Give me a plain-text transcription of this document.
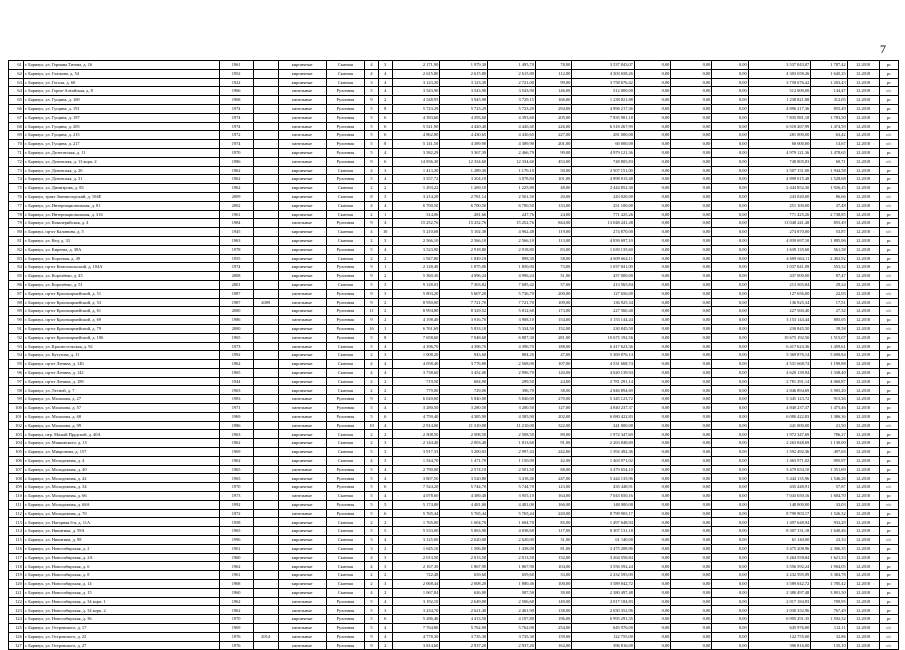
7
61	г. Барнаул, ул. Германа Титова, д. 16	1961		кирпичные	Скатная	4	3	2 171,90	1 979,30	1 495,70	78,00	3 537 843,07	0,00	0,00	0,00	3 537 843,07	1 787,42	12.2018	рс
62	г. Барнаул, ул. Глазкова, д. 54	1952		кирпичные	Скатная	4	4	2 615,80	2 615,80	2 615,80	112,00	4 303 658,26	0,00	0,00	0,00	4 303 658,26	1 645,25	12.2018	рс
63	г. Барнаул, ул. Гоголя, д. 60	1922		кирпичные	Скатная	3	4	3 123,30	3 123,30	2 721,00	99,00	3 758 676,42	0,00	0,00	0,00	3 758 676,42	1 203,43	12.2018	рс
64	г. Барнаул, ул. Горно-Алтайская, д. 8	1966		панельные	Рулонная	5	4	3 543,90	3 543,90	3 543,90	146,00	512 000,00	0,00	0,00	0,00	512 000,00	144,47	12.2018	с/с
65	г. Барнаул, ул. Гущина, д. 169	1968		панельные	Рулонная	9	2	4 548,95	3 945,98	3 729,15	166,00	1 238 821,88	0,00	0,00	0,00	1 238 821,88	312,05	12.2018	рс
66	г. Барнаул, ул. Гущина, д. 191	1974		панельные	Рулонная	5	8	5 723,29	5 723,29	5 723,29	294,00	4 896 217,36	0,00	0,00	0,00	4 896 217,36	855,49	12.2018	рс
67	г. Барнаул, ул. Гущина, д. 197	1974		панельные	Рулонная	5	6	4 393,60	4 393,60	4 393,60	205,00	7 835 981,18	0,00	0,00	0,00	7 835 981,18	1 783,50	12.2018	рс
68	г. Барнаул, ул. Гущина, д. 205	1974		панельные	Рулонная	5	6	5 521,90	4 420,40	4 420,40	226,00	6 518 267,99	0,00	0,00	0,00	6 518 267,99	1 474,59	12.2018	рс
69	г. Барнаул, ул. Гущина, д. 215	1972		панельные	Рулонная	5	6	4 862,80	4 430,65	4 430,65	227,00	281 000,00	0,00	0,00	0,00	281 000,00	63,42	12.2018	с/с
70	г. Барнаул, ул. Гущина, д. 217	1974		панельные	Рулонная	5	8	5 141,50	4 389,90	4 389,90	201,00	60 000,00	0,00	0,00	0,00	60 000,00	13,67	12.2018	с/с
71	г. Барнаул, ул. Делегатская, д. 11	1970		кирпичные	Рулонная	5	4	3 582,29	3 367,39	2 466,79	99,00	4 979 121,36	0,00	0,00	0,00	4 979 121,36	1 478,65	12.2018	рс
72	г. Барнаул, ул. Деповская, д. 13 корп. 2	1986		панельные	Рулонная	9	6	14 836,30	12 334,60	12 334,60	453,00	748 805,83	0,00	0,00	0,00	748 805,83	60,71	12.2018	с/с
73	г. Барнаул, ул. Деповская, д. 26	1962		кирпичные	Скатная	4	3	1 413,30	1 289,30	1 170,10	50,00	2 507 151,00	0,00	0,00	0,00	2 507 151,00	1 944,58	12.2018	рс
74	г. Барнаул, ул. Деповская, д. 31	1962		кирпичные	Рулонная	5	4	3 357,72	3 204,10	3 078,84	101,00	4 898 015,48	0,00	0,00	0,00	4 898 015,48	1 528,68	12.2018	рс
75	г. Барнаул, ул. Димитрова, д. 83	1962		кирпичные	Скатная	2	2	1 293,22	1 269,10	1 225,80	48,00	2 444 852,30	0,00	0,00	0,00	2 444 852,30	1 926,45	12.2018	рс
76	г. Барнаул, тракт Змеиногорский, д. 104Е	2009		кирпичные	Скатная	8	3	3 214,20	2 781,14	2 561,50	20,00	243 020,00	0,00	0,00	0,00	243 020,00	86,66	12.2018	с/с
77	г. Барнаул, ул. Интернациональная, д. 81	2002		кирпичные	Скатная	4	4	6 700,50	6 700,50	6 700,50	133,00	251 100,00	0,00	0,00	0,00	251 100,00	37,48	12.2018	с/с
78	г. Барнаул, ул. Интернациональная, д. 316	1961		кирпичные	Скатная	2	1	314,06	281,66	247,76	24,00	771 425,26	0,00	0,00	0,00	771 425,26	2 738,85	12.2018	рс
79	г. Барнаул, ул. Кавалерийская, д. 4	1984		панельные	Рулонная	9	4	15 252,76	15 252,76	15 252,76	844,00	13 048 241,48	0,00	0,00	0,00	13 048 241,48	855,49	12.2018	рс
80	г. Барнаул, пр-кт Калинина, д. 5	1945		кирпичные	Скатная	4	10	5 210,68	5 102,38	4 962,48	119,00	274 870,00	0,00	0,00	0,00	274 870,00	53,87	12.2018	с/с
81	г. Барнаул, ул. Кец, д. 33	1963		кирпичные	Скатная	2	3	2 566,10	2 566,10	2 566,10	113,00	4 839 697,10	0,00	0,00	0,00	4 839 697,10	1 885,96	12.2018	рс
82	г. Барнаул, ул. Киреева, д. 38А	1978		кирпичные	Рулонная	5	4	3 523,90	2 918,80	2 918,80	83,00	1 639 135,60	0,00	0,00	0,00	1 639 135,60	561,58	12.2018	рс
83	г. Барнаул, ул. Короткая, д. 49	1955		кирпичные	Скатная	2	2	1 947,80	1 849,10	898,30	58,00	4 609 664,11	0,00	0,00	0,00	4 609 664,11	2 492,92	12.2018	рс
84	г. Барнаул, пр-кт Комсомольский, д. 104А	1974		кирпичные	Рулонная	9	1	2 128,40	1 875,00	1 850,00	73,00	1 037 841,09	0,00	0,00	0,00	1 037 841,09	553,52	12.2018	рс
85	г. Барнаул, ул. Королёнко, д. 45	2008		кирпичные	Рулонная	9	2	5 360,30	4 996,24	4 996,24	51,00	437 000,00	0,00	0,00	0,00	437 000,00	87,47	12.2018	с/с
86	г. Барнаул, ул. Королёнко, д. 51	2001		кирпичные	Скатная	5	3	9 128,03	7 303,82	7 685,42	57,00	213 565,84	0,00	0,00	0,00	213 565,84	29,24	12.2018	с/с
87	г. Барнаул, пр-кт Красноармейский, д. 51	1987		панельные	Рулонная	9	3	5 803,20	5 607,20	5 736,70	200,00	127 656,00	0,00	0,00	0,00	127 656,00	22,05	12.2018	с/с
88	г. Барнаул, пр-кт Красноармейский, д. 53	1987	2009	панельные	Рулонная	9	2	8 950,00	7 721,70	7 721,70	109,00	136 925,34	0,00	0,00	0,00	136 925,34	17,51	12.2018	с/с
89	г. Барнаул, пр-кт Красноармейский, д. 61	2000		кирпичные	Рулонная	11	2	8 994,80	8 329,52	5 812,60	173,00	227 560,40	0,00	0,00	0,00	227 560,40	27,32	12.2018	с/с
90	г. Барнаул, пр-кт Красноармейский, д. 69	1986		панельные	Рулонная	9	2	4 198,40	3 916,70	3 908,10	154,00	3 153 144,44	0,00	0,00	0,00	3 153 144,44	805,05	12.2018	рс
91	г. Барнаул, пр-кт Красноармейский, д. 79	2000		кирпичные	Рулонная	16	1	6 761,69	5 833,10	5 334,50	152,00	230 845,50	0,00	0,00	0,00	230 845,50	39,58	12.2018	с/с
92	г. Барнаул, пр-кт Красноармейский, д. 106	1965		панельные	Рулонная	5	8	7 658,60	7 048,60	6 887,30	281,00	10 675 192,56	0,00	0,00	0,00	10 675 192,56	1 515,07	12.2018	рс
93	г. Барнаул, ул. Красносельская, д. 92	1973		панельные	Скатная	5	4	4 396,70	4 396,70	4 396,70	188,00	6 417 623,36	0,00	0,00	0,00	6 417 623,36	1 459,61	12.2018	рс
94	г. Барнаул, ул. Кутузова, д. 11	1992		кирпичные	Скатная	2	3	1 008,20	943,60	884,20	47,00	5 369 876,14	0,00	0,00	0,00	5 369 876,14	5 690,84	12.2018	рс
95	г. Барнаул, пр-кт Ленина, д. 140	1962		кирпичные	Скатная	4	4	4 058,40	3 776,80	2 568,00	107,00	4 531 668,74	0,00	0,00	0,00	4 531 668,74	1 199,88	12.2018	рс
96	г. Барнаул, пр-кт Ленина, д. 142	1965		кирпичные	Скатная	4	4	3 738,60	3 452,00	2 996,70	120,00	4 620 139,94	0,00	0,00	0,00	4 620 139,94	1 338,40	12.2018	рс
97	г. Барнаул, пр-кт Ленина, д. 189	1944		кирпичные	Скатная	2	2	719,50	684,90	299,50	24,00	2 781 291,14	0,00	0,00	0,00	2 781 291,14	4 060,87	12.2018	рс
98	г. Барнаул, ул. Лесной, д. 7	1963		кирпичные	Скатная	2	2	779,00	729,00	396,70	38,00	2 846 894,69	0,00	0,00	0,00	2 846 894,69	3 905,20	12.2018	рс
99	г. Барнаул, ул. Малахова, д. 27	1983		панельные	Рулонная	9	2	6 020,00	5 840,00	5 840,00	270,00	5 345 123,72	0,00	0,00	0,00	5 345 123,72	915,26	12.2018	рс
100	г. Барнаул, ул. Малахова, д. 57	1971		панельные	Рулонная	5	4	3 280,50	3 280,50	3 280,50	127,00	4 840 237,37	0,00	0,00	0,00	4 840 237,37	1 475,46	12.2018	рс
101	г. Барнаул, ул. Малахова, д. 68	1969		панельные	Рулонная	5	6	4 759,40	4 385,90	4 385,90	202,00	6 080 422,83	0,00	0,00	0,00	6 080 422,83	1 386,36	12.2018	рс
102	г. Барнаул, ул. Малахова, д. 99	1986		панельные	Рулонная	10	4	2 914,00	11 310,00	11 210,00	322,00	241 000,00	0,00	0,00	0,00	241 000,00	21,50	12.2018	с/с
103	г. Барнаул, пер. Малый Прудской, д. 40А	1963		кирпичные	Скатная	2	2	2 508,50	2 508,50	2 508,50	89,00	1 972 347,69	0,00	0,00	0,00	1 972 347,69	786,27	12.2018	рс
104	г. Барнаул, ул. Маяковского, д. 15	1962		кирпичные	Скатная	2	3	2 144,40	2 003,40	1 813,60	91,00	2 263 848,69	0,00	0,00	0,00	2 263 848,69	1 130,00	12.2018	рс
105	г. Барнаул, ул. Микронова, д. 157	1969		кирпичные	Скатная	5	3	3 917,33	3 200,03	2 997,43	242,00	1 592 492,36	0,00	0,00	0,00	1 592 492,36	497,65	12.2018	рс
106	г. Барнаул, ул. Молодежная, д. 4	1962		кирпичные	Скатная	4	3	1 544,70	1 471,70	1 150,00	42,00	1 463 971,02	0,00	0,00	0,00	1 463 971,02	995,97	12.2018	рс
107	г. Барнаул, ул. Молодежная, д. 40	1965		панельные	Рулонная	5	4	2 790,00	2 574,10	2 501,50	88,00	3 479 654,10	0,00	0,00	0,00	3 479 654,10	1 351,69	12.2018	рс
108	г. Барнаул, ул. Молодежная, д. 42	1965		кирпичные	Рулонная	5	4	3 807,50	3 520,80	3 418,40	247,00	5 444 135,96	0,00	0,00	0,00	5 444 135,96	1 546,26	12.2018	рс
109	г. Барнаул, ул. Молодежная, д. 34	1970		кирпичные	Рулонная	5	6	7 524,20	5 744,70	5 744,70	123,00	435 448,91	0,00	0,00	0,00	435 448,91	57,87	12.2018	с/с
110	г. Барнаул, ул. Молодежная, д. 66	1973		панельные	Скатная	5	4	4 078,60	4 389,40	3 955,10	164,00	7 043 650,16	0,00	0,00	0,00	7 043 650,16	1 604,70	12.2018	рс
111	г. Барнаул, ул. Молодежная, д. 68А	1992		кирпичные	Рулонная	5	5	5 174,80	4 481,00	4 481,00	166,00	148 000,00	0,00	0,00	0,00	148 000,00	33,03	12.2018	с/с
112	г. Барнаул, ул. Молодежная, д. 70	1972		панельные	Рулонная	5	6	5 765,44	5 765,44	5 765,44	220,00	8 799 903,17	0,00	0,00	0,00	8 799 903,17	1 526,32	12.2018	рс
113	г. Барнаул, ул. Нагорная 6-я, д. 11А	1958		кирпичные	Скатная	2	2	1 765,00	1 604,70	1 604,70	85,00	1 497 648,94	0,00	0,00	0,00	1 497 648,94	933,29	12.2018	рс
114	г. Барнаул, ул. Никитина, д. 59А	1965		кирпичные	Скатная	5	5	5 533,00	5 063,90	4 038,60	117,00	8 307 131,18	0,00	0,00	0,00	8 307 131,18	1 640,46	12.2018	рс
115	г. Барнаул, ул. Никитина, д. 98	1996		кирпичные	Скатная	3	4	3 125,00	2 620,00	2 620,00	31,00	61 140,00	0,00	0,00	0,00	61 140,00	23,33	12.2018	с/с
116	г. Барнаул, ул. Новосибирская, д. 2	1961		кирпичные	Скатная	3	2	1 645,10	1 506,80	1 438,00	81,00	3 475 208,96	0,00	0,00	0,00	3 475 208,96	2 306,35	12.2018	рс
117	г. Барнаул, ул. Новосибирская, д. 2А	1960		кирпичные	Скатная	4	3	2 013,50	2 013,50	2 013,50	152,00	3 264 558,84	0,00	0,00	0,00	3 264 558,84	1 621,33	12.2018	рс
118	г. Барнаул, ул. Новосибирская, д. 6	1962		кирпичные	Скатная	4	3	2 167,30	1 867,90	1 867,90	104,00	3 556 592,24	0,00	0,00	0,00	3 556 592,24	1 904,05	12.2018	рс
119	г. Барнаул, ул. Новосибирская, д. 8	1961		кирпичные	Скатная	2	2	722,48	659,60	659,60	33,00	2 232 595,09	0,00	0,00	0,00	2 232 595,09	3 384,78	12.2018	рс
120	г. Барнаул, ул. Новосибирская, д. 14	1968		кирпичные	Скатная	2	3	2 068,44	2 008,20	1 880,46	100,00	3 589 042,72	0,00	0,00	0,00	3 589 042,72	1 785,42	12.2018	рс
121	г. Барнаул, ул. Новосибирская, д. 15	1960		кирпичные	Скатная	4	2	1 067,84	626,80	587,50	39,00	2 380 497,48	0,00	0,00	0,00	2 380 497,48	3 801,50	12.2018	рс
122	г. Барнаул, ул. Новосибирская, д. 34 корп. 1	1962		панельные	Рулонная	5	4	3 192,10	2 649,00	2 506,60	149,00	2 017 184,83	0,00	0,00	0,00	2 017 184,83	709,95	12.2018	рс
123	г. Барнаул, ул. Новосибирская, д. 34 корп. 2	1962		панельные	Рулонная	5	3	3 234,70	2 621,40	2 461,90	138,00	2 030 352,96	0,00	0,00	0,00	2 030 352,96	767,49	12.2018	рс
124	г. Барнаул, ул. Новосибирская, д. 36	1970		кирпичные	Рулонная	5	6	5 286,46	4 413,50	4 107,80	196,00	6 995 291,35	0,00	0,00	0,00	6 995 291,35	1 592,32	12.2018	рс
125	г. Барнаул, ул. Островского, д. 17	1969		панельные	Рулонная	5	4	7 764,80	5 762,00	5 762,00	254,00	645 976,00	0,00	0,00	0,00	645 976,00	112,11	12.2018	с/с
126	г. Барнаул, ул. Островского, д. 25	1976	2014	панельные	Рулонная	9	4	4 778,30	3 735,30	3 735,30	159,00	122 755,00	0,00	0,00	0,00	122 755,00	32,86	12.2018	с/с
127	г. Барнаул, ул. Островского, д. 27	1976		панельные	Рулонная	9	2	3 814,60	2 937,20	2 937,20	162,00	396 816,00	0,00	0,00	0,00	396 816,00	135,10	12.2018	с/с
